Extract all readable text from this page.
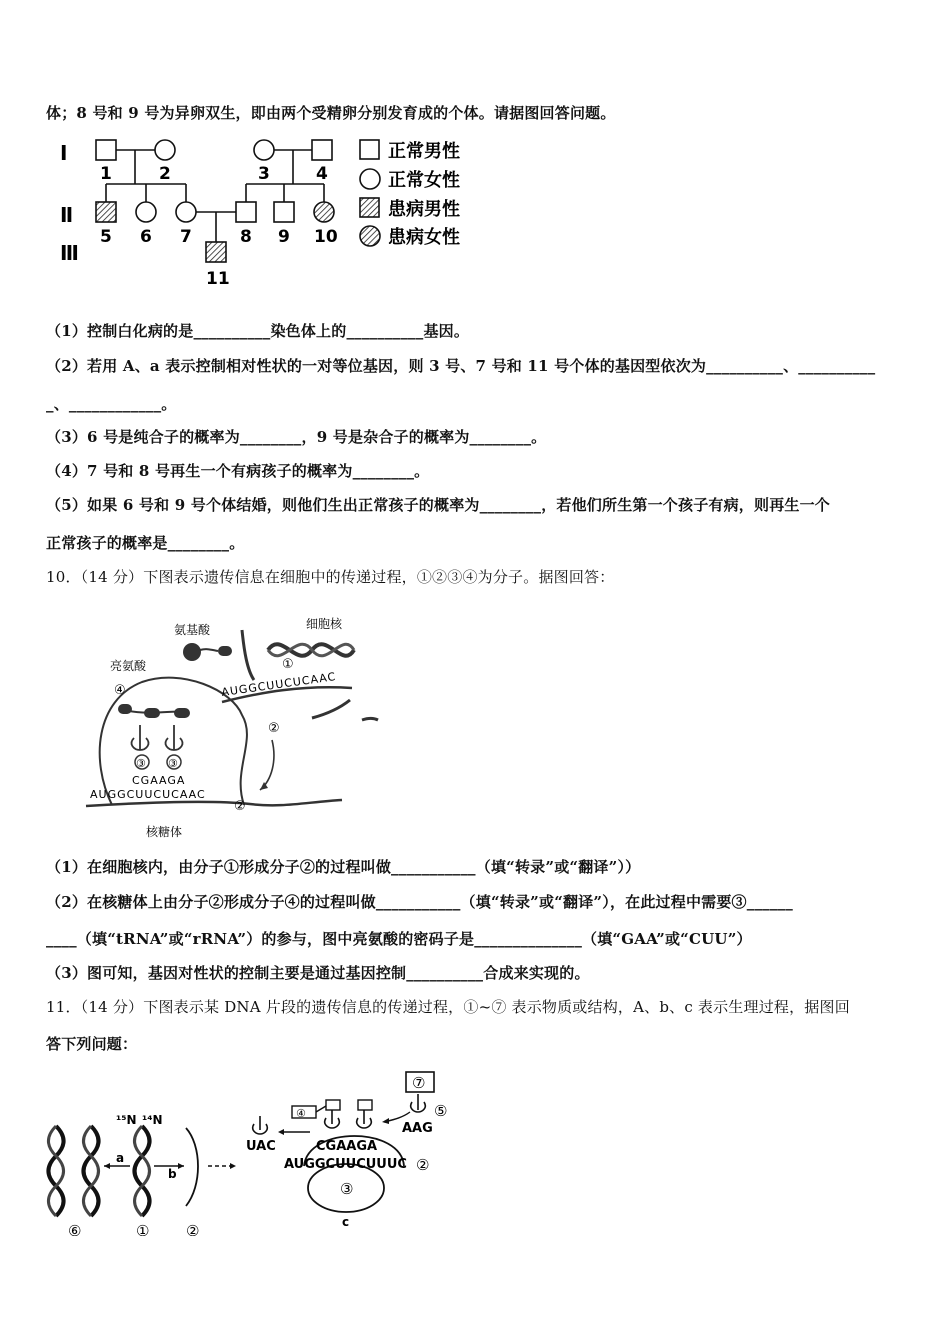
体；8 号和 9 号为异卵双生，即由两个受精卵分别发育成的个体。请据图回答问题。
Ⅰ
Ⅱ
Ⅲ
1	2	3	4
5 6 7	8 9 10
11
正常男性
正常女性
患病男性
患病女性
（1）控制白化病的是__________染色体上的__________基因。
（2）若用 A、a 表示控制相对性状的一对等位基因，则 3 号、7 号和 11 号个体的基因型依次为__________、__________
_、____________。
（3）6 号是纯合子的概率为________，9 号是杂合子的概率为________。
（4）7 号和 8 号再生一个有病孩子的概率为________。
（5）如果 6 号和 9 号个体结婚，则他们生出正常孩子的概率为________，若他们所生第一个孩子有病，则再生一个
正常孩子的概率是________。
10．（14 分）下图表示遗传信息在细胞中的传递过程，①②③④为分子。据图回答：
氨基酸	细胞核
亮氨酸
核糖体
①
②
②
③ ③
④	AUGGCUUCUCAAC
CGAAGA
AUGGCUUCUCAAC
（1）在细胞核内，由分子①形成分子②的过程叫做___________（填“转录”或“翻译”））
（2）在核糖体上由分子②形成分子④的过程叫做___________（填“转录”或“翻译”），在此过程中需要③______
____（填“tRNA”或“rRNA”）的参与，图中亮氨酸的密码子是______________（填“GAA”或“CUU”）
（3）图可知，基因对性状的控制主要是通过基因控制__________合成来实现的。
11．（14 分）下图表示某 DNA 片段的遗传信息的传递过程，①~⑦ 表示物质或结构，A、b、c 表示生理过程，据图回
答下列问题：
¹⁵N ¹⁴N
a
b
c
⑥	① ②
④
⑦
⑤
③
②
UAC
AAG
CGAAGA
AUGGCUUCUUUC
